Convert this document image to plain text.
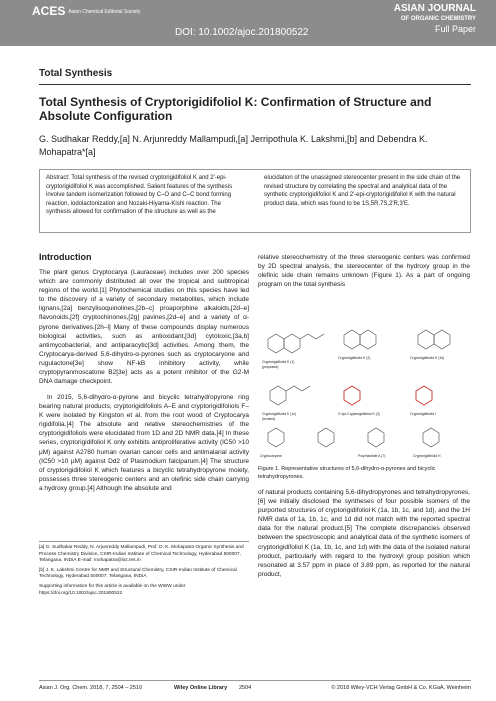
ACES Asian Chemical Editorial Society
DOI: 10.1002/ajoc.201800522
ASIAN JOURNAL
OF ORGANIC CHEMISTRY
Full Paper
Total Synthesis
Total Synthesis of Cryptorigidifoliol K: Confirmation of Structure and Absolute Configuration
G. Sudhakar Reddy,[a] N. Arjunreddy Mallampudi,[a] Jerripothula K. Lakshmi,[b] and Debendra K. Mohapatra*[a]
Abstract: Total synthesis of the revised cryptorigidifoliol K and 2′-epi-cryptorigidifoliol K was accomplished. Salient features of the synthesis involve tandem isomerization followed by C–O and C–C bond forming reaction, iodolactonization and Nozaki-Hiyama-Kishi reaction. The synthesis allowed for confirmation of the structure as well as the
elucidation of the unassigned stereocenter present in the side chain of the revised structure by correlating the spectral and analytical data of the synthetic cryptorigidifoliol K and 2′-epi-cryptorigidifoliol K with the natural product data, which was found to be 1S,5R,7S,2′R,3′E.
Introduction
The plant genus Cryptocarya (Lauraceae) includes over 200 species which are commonly distributed all over the tropical and subtropical regions of the world.[1] Phytochemical studies on this species have led to the discovery of a variety of secondary metabolites, which include lignans,[2a] benzylisoquinolines,[2b–c] proaporphine alkaloids,[2d–e] flavonoids,[2f] cryptochinones,[2g] pavines,[2d–e] and a variety of α-pyrone derivatives.[2h–l] Many of these compounds display numerous biological activities, such as antioxidant,[3d] cytotoxic,[3a,b] antimycobacterial, and antiparacytic[3d] activities. Among them, the Cryptocarya-derived 5,6-dihydro-α-pyrones such as cryptocaryone and rugulactone[3e] show NF-kB inhibitory activity, while cryptopyranmoscatone B2[3e] acts as a potent inhibitor of the G2-M DNA damage checkpoint.
In 2015, 5,6-dihydro-α-pyrone and bicyclic tetrahydropyrone ring bearing natural products, cryptorigidifoliols A–E and cryptorigidifoliols F–K were isolated by Kingston et al. from the root wood of Cryptocarya rigidifolia.[4] The absolute and relative stereochemistries of the cryptorigidifoliols were elucidated from 1D and 2D NMR data.[4] In these series, cryptorigidifoliol K only exhibits antiproliferative activity (IC50 >10 μM) against A2780 human ovarian cancer cells and antimalarial activity (IC50 >10 μM) against Dd2 of Plasmodium falciparum.[4] The structure of cryptorigidifoliol K which features a bicyclic tetrahydropyrone moiety, possesses three stereogenic centers and an olefinic side chain carrying a hydroxy group.[4] Although the absolute and
relative stereochemistry of the three stereogenic centers was confirmed by 2D spectral analysis, the stereocenter of the hydroxy group in the olefinic side chain remains unknown (Figure 1). As a part of ongoing program on the total synthesis
Cryptorigidifoliol K (1)
(proposed)
Cryptorigidifoliol K (2)	Cryptorigidifoliol K (1b)
Cryptorigidifoliol K (1c)
(revised)
2′-epi-Cryptorigidifoliol K (3)	Cryptorigidifoliol I
Cryptocaryone	Polyrhacitide A (7)	Cryptorigidifoliol H
Figure 1. Representative structures of 5,6-dihydro-α-pyrones and bicyclic tetrahydropyrones.
of natural products containing 5,6-dihydropyrones and tetrahydropyrones,[6] we initially disclosed the syntheses of four possible isomers of the purported structures of cryptorigidifoliol K (1a, 1b, 1c, and 1d), and the 1H NMR data of 1a, 1b, 1c, and 1d did not match with the reported spectral data for the natural product.[5] The complete discrepancies observed between the spectroscopic and analytical data of the synthetic isomers of cryptorigidifoliol K (1a, 1b, 1c, and 1d) with the data of the isolated natural product, particularly with regard to the hydroxyl group position which resonated at 3.57 ppm in place of 3.89 ppm, as reported for the natural product,
[a] G. Sudhakar Reddy, N. Arjunreddy Mallampudi, Prof. D. K. Mohapatra Organic Synthesis and Process Chemistry Division, CSIR-Indian Institute of Chemical Technology, Hyderabad 500007, Telangana, INDIA E-mail: mohapatra@iict.res.in
[b] J. K. Lakshmi Centre for NMR and Structural Chemistry, CSIR-Indian Institute of Chemical Technology, Hyderabad 500007, Telangana, INDIA
Supporting information for this article is available on the WWW under https://doi.org/10.1002/ajoc.201800522
Asian J. Org. Chem. 2018, 7, 2504 – 2510	Wiley Online Library 2504	© 2018 Wiley-VCH Verlag GmbH & Co. KGaA, Weinheim
